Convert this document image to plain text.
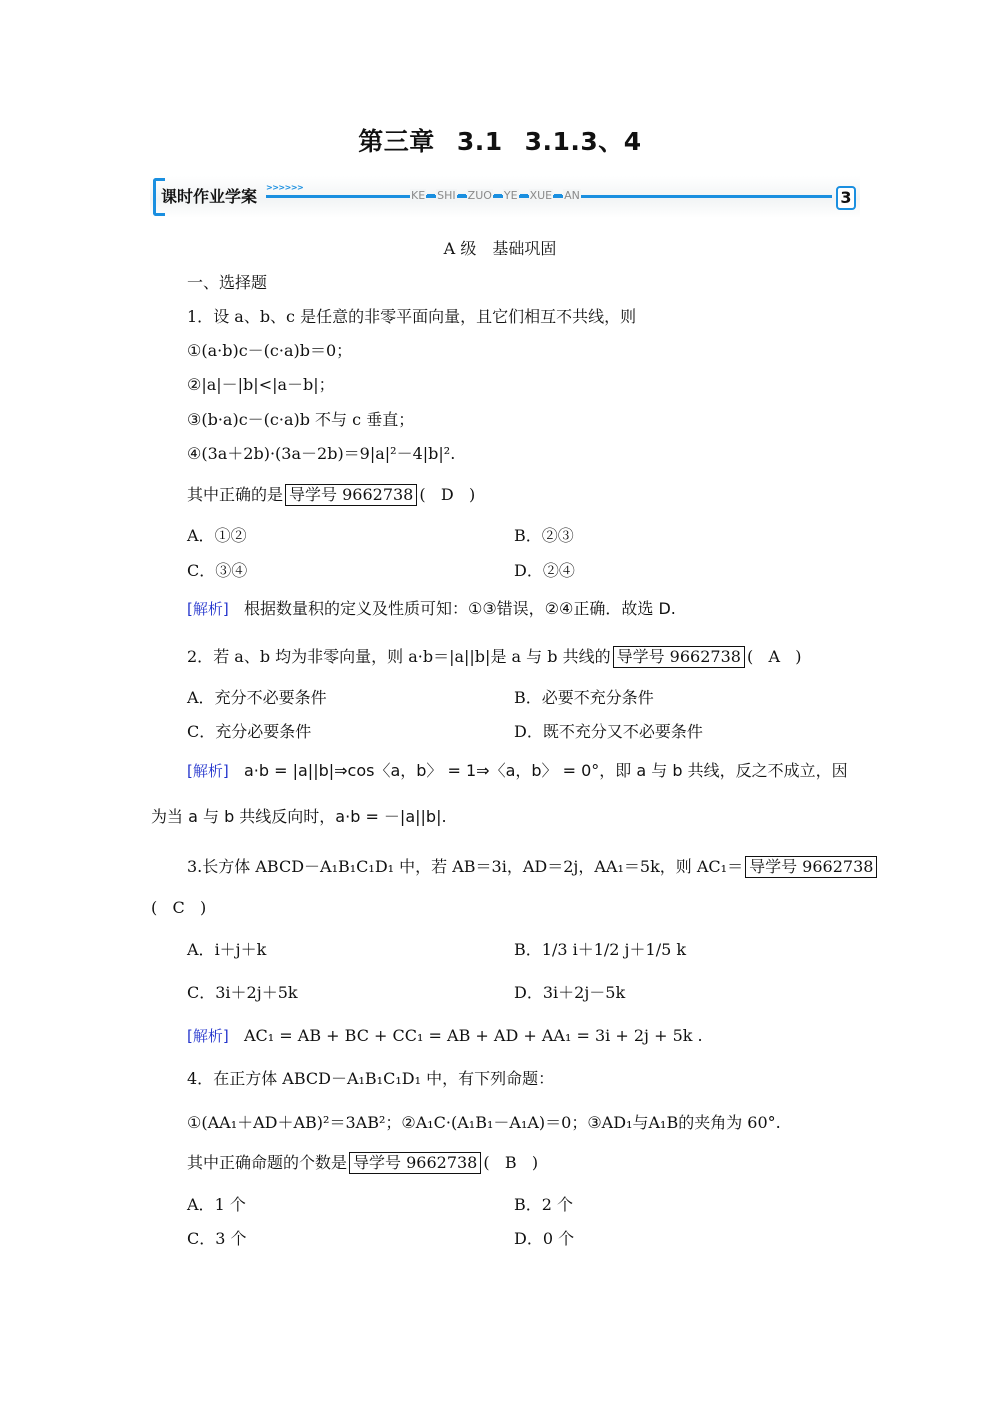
第三章 3.1 3.1.3、4
课时作业学案 >>>>>>
KE SHI ZUO YE XUE AN	3
A 级　基础巩固
一、选择题
1．设 a、b、c 是任意的非零平面向量，且它们相互不共线，则
①(a·b)c－(c·a)b＝0；
②|a|－|b|<|a－b|；
③(b·a)c－(c·a)b 不与 c 垂直；
④(3a＋2b)·(3a－2b)＝9|a|²－4|b|².
其中正确的是 导学号 9662738 (   D   )
A．①②	B．②③
C．③④	D．②④
[解析] 根据数量积的定义及性质可知：①③错误，②④正确．故选 D.
2．若 a、b 均为非零向量，则 a·b＝|a||b|是 a 与 b 共线的 导学号 9662738 (   A   )
A．充分不必要条件	B．必要不充分条件
C．充分必要条件	D．既不充分又不必要条件
[解析] a·b = |a||b|⇒cos〈a，b〉 = 1⇒〈a，b〉 = 0°，即 a 与 b 共线，反之不成立，因
为当 a 与 b 共线反向时，a·b = －|a||b|.
3.长方体 ABCD－A₁B₁C₁D₁ 中，若 AB＝3i，AD＝2j，AA₁＝5k，则 AC₁＝ 导学号 9662738
(   C   )
A．i＋j＋k	B．1/3 i＋1/2 j＋1/5 k
C．3i＋2j＋5k	D．3i＋2j－5k
[解析] AC₁ = AB + BC + CC₁ = AB + AD + AA₁ = 3i + 2j + 5k .
4．在正方体 ABCD－A₁B₁C₁D₁ 中，有下列命题：
①(AA₁＋AD＋AB)²＝3AB²；②A₁C·(A₁B₁－A₁A)＝0；③AD₁与A₁B的夹角为 60°.
其中正确命题的个数是 导学号 9662738 (   B   )
A．1 个	B．2 个
C．3 个	D．0 个
